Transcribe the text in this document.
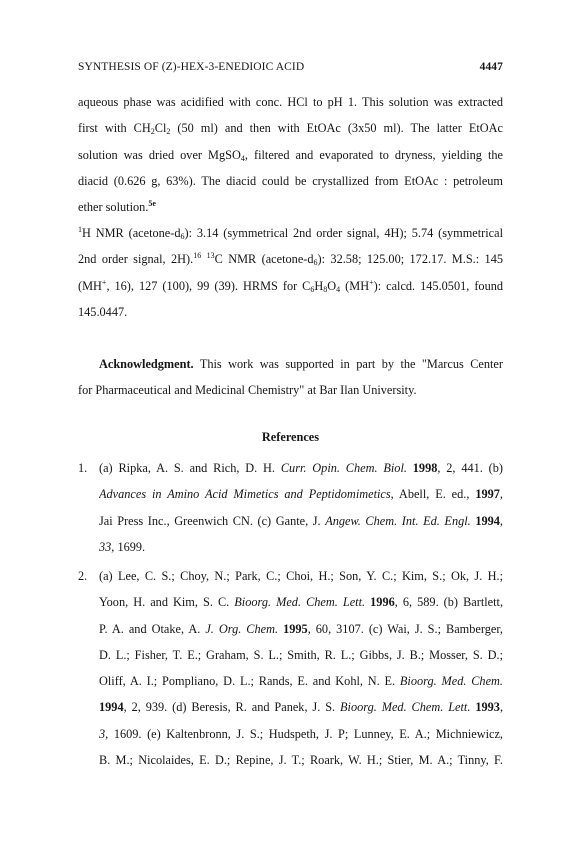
SYNTHESIS OF (Z)-HEX-3-ENEDIOIC ACID	4447
aqueous phase was acidified with conc. HCl to pH 1. This solution was extracted
first with $CH_2Cl_2$ (50 ml) and then with EtOAc (3x50 ml). The latter EtOAc
solution was dried over MgSO$_4$, filtered and evaporated to dryness, yielding the
diacid (0.626 g, 63%). The diacid could be crystallized from EtOAc : petroleum
ether solution.$^{5e}$
$^1$H NMR $(acetone-d_6)$: 3.14 (symmetrical 2nd order signal, 4H); 5.74 (symmetrical
2nd order signal, 2H).$^{16}$ $^{13}$C NMR $(acetone-d_6)$: 32.58; 125.00; 172.17. M.S.: 145
(MH+, 16), 127 (100), 99 (39). HRMS for $C_6H_8O_4$ (MH+): calcd. 145.0501, found
145.0447.
Acknowledgment. This work was supported in part by the "Marcus Center
for Pharmaceutical and Medicinal Chemistry" at Bar Ilan University.
References
1. (a) Ripka, A. S. and Rich, D. H. Curr. Opin. Chem. Biol. 1998, 2, 441. (b)
Advances in Amino Acid Mimetics and Peptidomimetics, Abell, E. ed., 1997,
Jai Press Inc., Greenwich CN. (c) Gante, J. Angew. Chem. Int. Ed. Engl. 1994,
33, 1699.
2. (a) Lee, C. S.; Choy, N.; Park, C.; Choi, H.; Son, Y. C.; Kim, S.; Ok, J. H.;
Yoon, H. and Kim, S. C. Bioorg. Med. Chem. Lett. 1996, 6, 589. (b) Bartlett,
P. A. and Otake, A. J. Org. Chem. 1995, 60, 3107. (c) Wai, J. S.; Bamberger,
D. L.; Fisher, T. E.; Graham, S. L.; Smith, R. L.; Gibbs, J. B.; Mosser, S. D.;
Oliff, A. I.; Pompliano, D. L.; Rands, E. and Kohl, N. E. Bioorg. Med. Chem.
1994, 2, 939. (d) Beresis, R. and Panek, J. S. Bioorg. Med. Chem. Lett. 1993,
3, 1609. (e) Kaltenbronn, J. S.; Hudspeth, J. P; Lunney, E. A.; Michniewicz,
B. M.; Nicolaides, E. D.; Repine, J. T.; Roark, W. H.; Stier, M. A.; Tinny, F.
